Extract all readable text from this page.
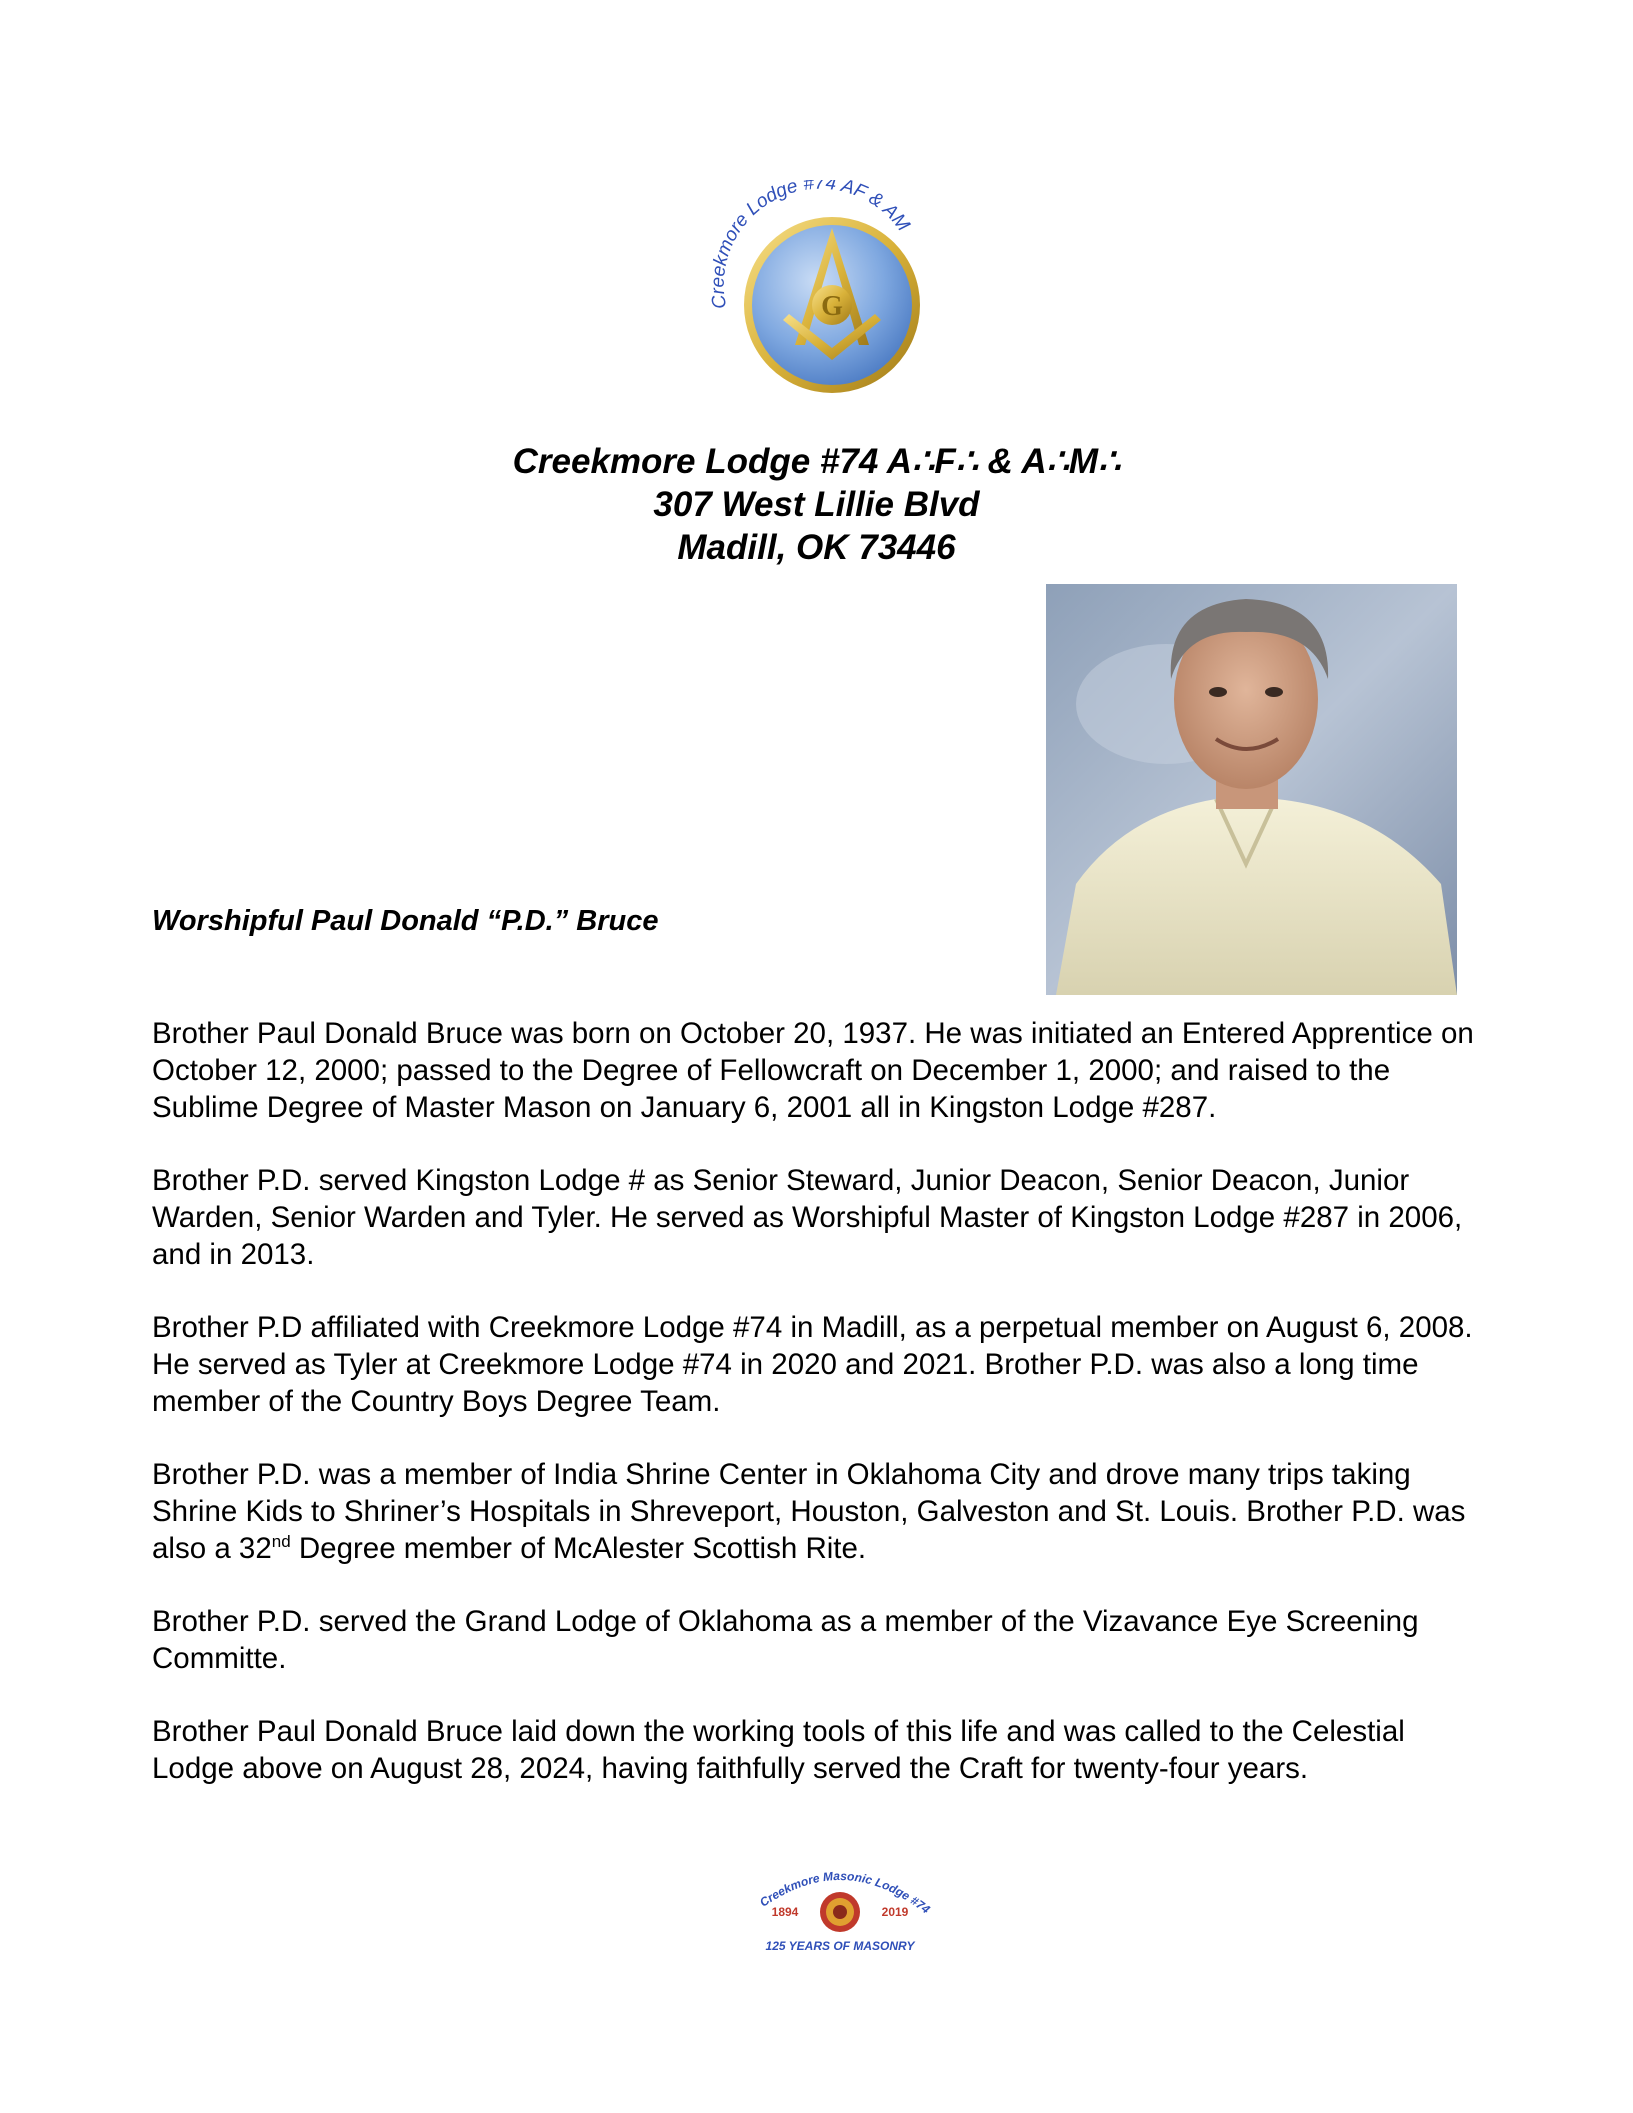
G
Creekmore Lodge #74 AF & AM
Creekmore Lodge #74 A∴F∴ & A∴M∴
307 West Lillie Blvd
Madill, OK 73446
Worshipful Paul Donald “P.D.” Bruce

Brother Paul Donald Bruce was born on October 20, 1937. He was initiated an Entered Apprentice on October 12, 2000; passed to the Degree of Fellowcraft on December 1, 2000; and raised to the Sublime Degree of Master Mason on January 6, 2001 all in Kingston Lodge #287.

Brother P.D. served Kingston Lodge # as Senior Steward, Junior Deacon, Senior Deacon, Junior Warden, Senior Warden and Tyler. He served as Worshipful Master of Kingston Lodge #287 in 2006, and in 2013.

Brother P.D affiliated with Creekmore Lodge #74 in Madill, as a perpetual member on August 6, 2008. He served as Tyler at Creekmore Lodge #74 in 2020 and 2021. Brother P.D. was also a long time member of the Country Boys Degree Team.

Brother P.D. was a member of India Shrine Center in Oklahoma City and drove many trips taking Shrine Kids to Shriner’s Hospitals in Shreveport, Houston, Galveston and St. Louis. Brother P.D. was also a 32nd Degree member of McAlester Scottish Rite.

Brother P.D. served the Grand Lodge of Oklahoma as a member of the Vizavance Eye Screening Committe.

Brother Paul Donald Bruce laid down the working tools of this life and was called to the Celestial Lodge above on August 28, 2024, having faithfully served the Craft for twenty-four years.

Creekmore Masonic Lodge #74
1894	2019
125 YEARS OF MASONRY
